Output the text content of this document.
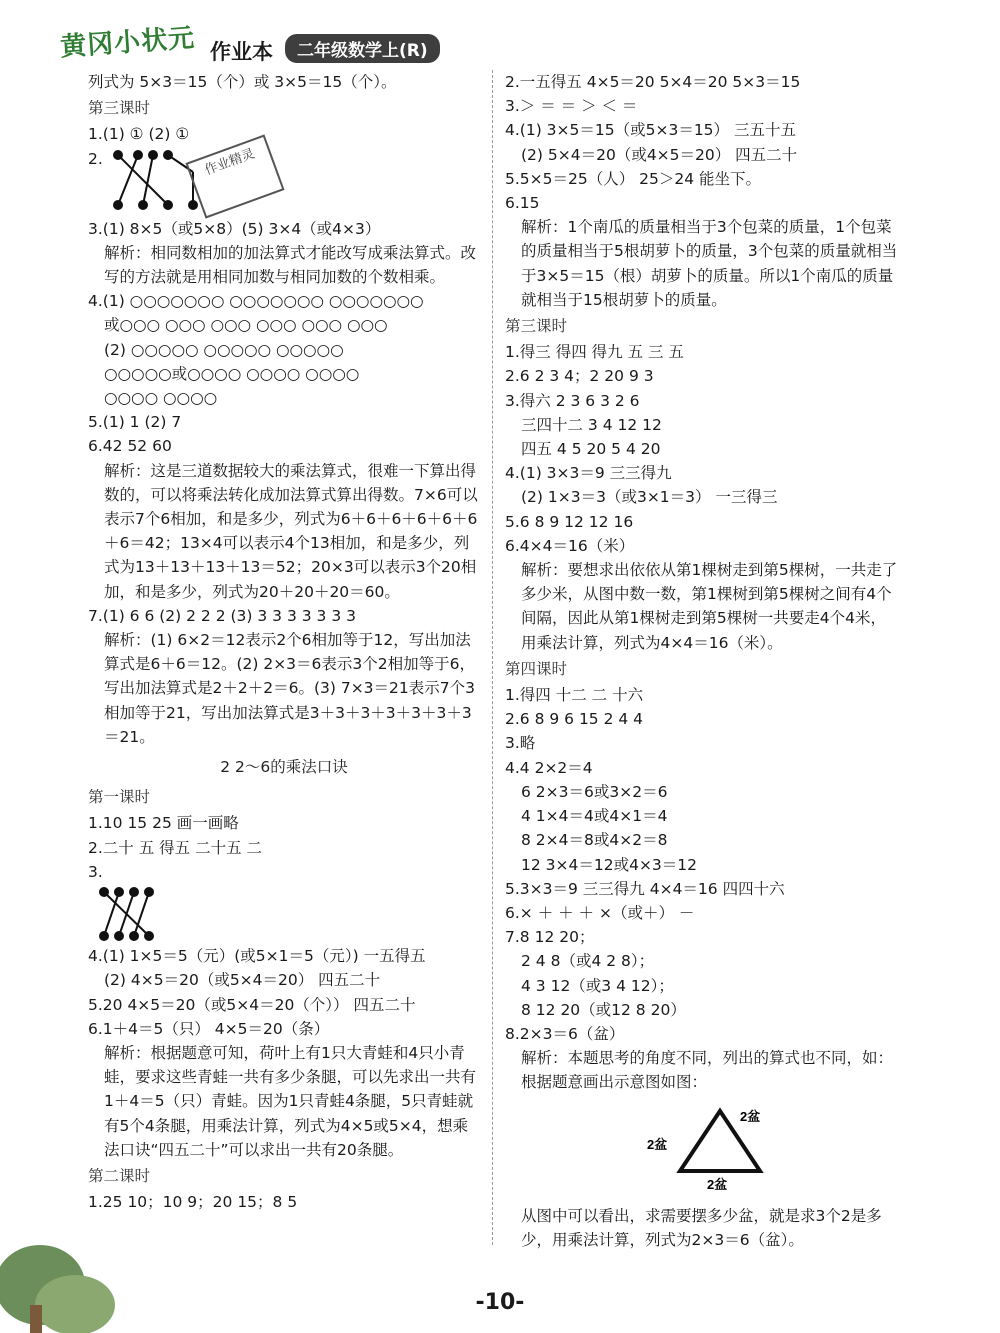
黄冈小状元 作业本	二年级数学上(R)
列式为 5×3＝15（个）或 3×5＝15（个）。
第三课时
1.(1) ① (2) ①
2.	作业精灵
3.(1) 8×5（或5×8）(5) 3×4（或4×3）
解析：相同数相加的加法算式才能改写成乘法算式。改写的方法就是用相同加数与相同加数的个数相乘。
4.(1) ○○○○○○○ ○○○○○○○ ○○○○○○○
或○○○ ○○○ ○○○ ○○○ ○○○ ○○○
(2) ○○○○○ ○○○○○ ○○○○○
○○○○○或○○○○ ○○○○ ○○○○
○○○○ ○○○○
5.(1) 1 (2) 7
6.42 52 60
解析：这是三道数据较大的乘法算式，很难一下算出得数的，可以将乘法转化成加法算式算出得数。7×6可以表示7个6相加，和是多少，列式为6＋6＋6＋6＋6＋6＋6＝42；13×4可以表示4个13相加，和是多少，列式为13＋13＋13＋13＝52；20×3可以表示3个20相加，和是多少，列式为20＋20＋20＝60。
7.(1) 6 6 (2) 2 2 2 (3) 3 3 3 3 3 3 3
解析：(1) 6×2＝12表示2个6相加等于12，写出加法算式是6＋6＝12。(2) 2×3＝6表示3个2相加等于6，写出加法算式是2＋2＋2＝6。(3) 7×3＝21表示7个3相加等于21，写出加法算式是3＋3＋3＋3＋3＋3＋3＝21。
2 2～6的乘法口诀
第一课时
1.10 15 25 画一画略
2.二十 五 得五 二十五 二
3.
4.(1) 1×5＝5（元）(或5×1＝5（元）) 一五得五
(2) 4×5＝20（或5×4＝20） 四五二十
5.20 4×5＝20（或5×4＝20（个）） 四五二十
6.1＋4＝5（只） 4×5＝20（条）
解析：根据题意可知，荷叶上有1只大青蛙和4只小青蛙，要求这些青蛙一共有多少条腿，可以先求出一共有1＋4＝5（只）青蛙。因为1只青蛙4条腿，5只青蛙就有5个4条腿，用乘法计算，列式为4×5或5×4，想乘法口诀“四五二十”可以求出一共有20条腿。
第二课时
1.25 10；10 9；20 15；8 5
2.一五得五 4×5＝20 5×4＝20 5×3＝15
3.＞ ＝ ＝ ＞ ＜ ＝
4.(1) 3×5＝15（或5×3＝15） 三五十五
(2) 5×4＝20（或4×5＝20） 四五二十
5.5×5＝25（人） 25＞24 能坐下。
6.15
解析：1个南瓜的质量相当于3个包菜的质量，1个包菜的质量相当于5根胡萝卜的质量，3个包菜的质量就相当于3×5＝15（根）胡萝卜的质量。所以1个南瓜的质量就相当于15根胡萝卜的质量。
第三课时
1.得三 得四 得九 五 三 五
2.6 2 3 4；2 20 9 3
3.得六 2 3 6 3 2 6
三四十二 3 4 12 12
四五 4 5 20 5 4 20
4.(1) 3×3＝9 三三得九
(2) 1×3＝3（或3×1＝3） 一三得三
5.6 8 9 12 12 16
6.4×4＝16（米）
解析：要想求出依依从第1棵树走到第5棵树，一共走了多少米，从图中数一数，第1棵树到第5棵树之间有4个间隔，因此从第1棵树走到第5棵树一共要走4个4米，用乘法计算，列式为4×4＝16（米）。
第四课时
1.得四 十二 二 十六
2.6 8 9 6 15 2 4 4
3.略
4.4 2×2＝4
6 2×3＝6或3×2＝6
4 1×4＝4或4×1＝4
8 2×4＝8或4×2＝8
12 3×4＝12或4×3＝12
5.3×3＝9 三三得九 4×4＝16 四四十六
6.× ＋ ＋ ＋ ×（或＋） －
7.8 12 20；
2 4 8（或4 2 8）；
4 3 12（或3 4 12）；
8 12 20（或12 8 20）
8.2×3＝6（盆）
解析：本题思考的角度不同，列出的算式也不同，如：根据题意画出示意图如图：
2盆
2盆
2盆
从图中可以看出，求需要摆多少盆，就是求3个2是多少，用乘法计算，列式为2×3＝6（盆）。
-10-
